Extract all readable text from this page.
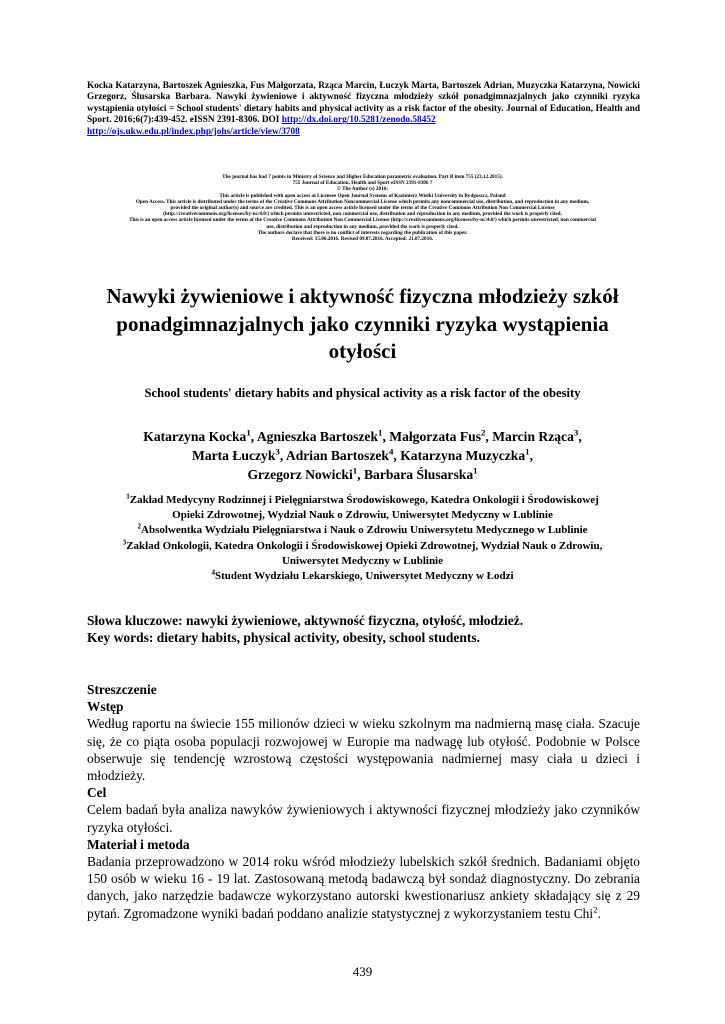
Kocka Katarzyna, Bartoszek Agnieszka, Fus Małgorzata, Rząca Marcin, Łuczyk Marta, Bartoszek Adrian, Muzyczka Katarzyna, Nowicki Grzegorz, Ślusarska Barbara. Nawyki żywieniowe i aktywność fizyczna młodzieży szkół ponadgimnazjalnych jako czynniki ryzyka wystąpienia otyłości = School students' dietary habits and physical activity as a risk factor of the obesity. Journal of Education, Health and Sport. 2016;6(7):439-452. eISSN 2391-8306. DOI http://dx.doi.org/10.5281/zenodo.58452
http://ojs.ukw.edu.pl/index.php/johs/article/view/3708
The journal has had 7 points in Ministry of Science and Higher Education parametric evaluation. Part B item 755 (23.12.2015).
755 Journal of Education, Health and Sport eISSN 2391-8306 7
© The Author (s) 2016;
This article is published with open access at Licensee Open Journal Systems of Kazimierz Wielki University in Bydgoszcz, Poland
Open Access. This article is distributed under the terms of the Creative Commons Attribution Noncommercial License which permits any noncommercial use, distribution, and reproduction in any medium,
provided the original author(s) and source are credited. This is an open access article licensed under the terms of the Creative Commons Attribution Non Commercial License
(http://creativecommons.org/licenses/by-nc/4.0/) which permits unrestricted, non commercial use, distribution and reproduction in any medium, provided the work is properly cited.
This is an open access article licensed under the terms of the Creative Commons Attribution Non Commercial License (http://creativecommons.org/licenses/by-nc/4.0/) which permits unrestricted, non commercial
use, distribution and reproduction in any medium, provided the work is properly cited.
The authors declare that there is no conflict of interests regarding the publication of this paper.
Received: 15.06.2016. Revised 09.07.2016. Accepted: 21.07.2016.
Nawyki żywieniowe i aktywność fizyczna młodzieży szkół
ponadgimnazjalnych jako czynniki ryzyka wystąpienia
otyłości
School students' dietary habits and physical activity as a risk factor of the obesity
Katarzyna Kocka$^1$, Agnieszka Bartoszek$^1$, Małgorzata Fus$^2$, Marcin Rząca$^3$,
Marta Łuczyk$^3$, Adrian Bartoszek$^4$, Katarzyna Muzyczka$^1$,
Grzegorz Nowicki$^1$, Barbara Ślusarska$^1$
$^1$Zakład Medycyny Rodzinnej i Pielęgniarstwa Środowiskowego, Katedra Onkologii i Środowiskowej
Opieki Zdrowotnej, Wydział Nauk o Zdrowiu, Uniwersytet Medyczny w Lublinie
$^2$Absolwentka Wydziału Pielęgniarstwa i Nauk o Zdrowiu Uniwersytetu Medycznego w Lublinie
$^3$Zakład Onkologii, Katedra Onkologii i Środowiskowej Opieki Zdrowotnej, Wydział Nauk o Zdrowiu,
Uniwersytet Medyczny w Lublinie
$^4$Student Wydziału Lekarskiego, Uniwersytet Medyczny w Łodzi
Słowa kluczowe: nawyki żywieniowe, aktywność fizyczna, otyłość, młodzież.
Key words: dietary habits, physical activity, obesity, school students.
Streszczenie
Wstęp

Według raportu na świecie 155 milionów dzieci w wieku szkolnym ma nadmierną masę ciała. Szacuje się, że co piąta osoba populacji rozwojowej w Europie ma nadwagę lub otyłość. Podobnie w Polsce obserwuje się tendencję wzrostową częstości występowania nadmiernej masy ciała u dzieci i młodzieży.

Cel

Celem badań była analiza nawyków żywieniowych i aktywności fizycznej młodzieży jako czynników ryzyka otyłości.

Materiał i metoda

Badania przeprowadzono w 2014 roku wśród młodzieży lubelskich szkół średnich. Badaniami objęto 150 osób w wieku 16 - 19 lat. Zastosowaną metodą badawczą był sondaż diagnostyczny. Do zebrania danych, jako narzędzie badawcze wykorzystano autorski kwestionariusz ankiety składający się z 29 pytań. Zgromadzone wyniki badań poddano analizie statystycznej z wykorzystaniem testu Chi$^2$.

439
